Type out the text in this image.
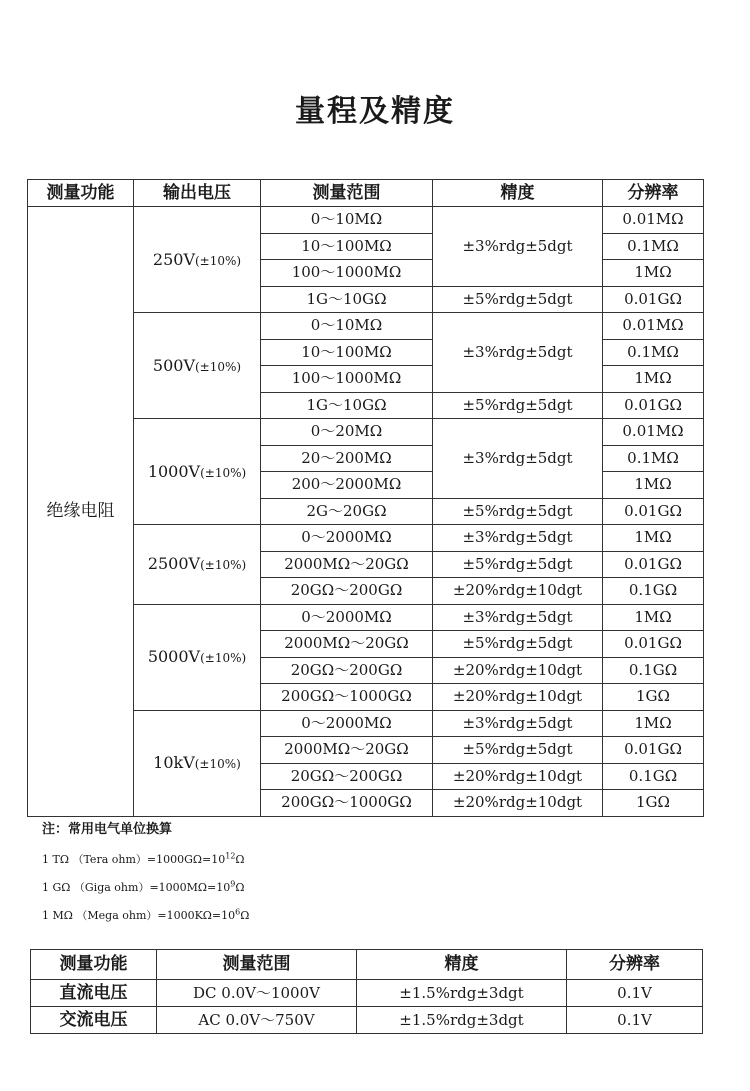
量程及精度
测量功能	输出电压	测量范围	精度	分辨率
绝缘电阻	250V(±10%)	0～10MΩ	±3%rdg±5dgt	0.01MΩ
		10～100MΩ		0.1MΩ
		100～1000MΩ		1MΩ
		1G～10GΩ	±5%rdg±5dgt	0.01GΩ
	500V(±10%)	0～10MΩ	±3%rdg±5dgt	0.01MΩ
		10～100MΩ		0.1MΩ
		100～1000MΩ		1MΩ
		1G～10GΩ	±5%rdg±5dgt	0.01GΩ
	1000V(±10%)	0～20MΩ	±3%rdg±5dgt	0.01MΩ
		20～200MΩ		0.1MΩ
		200～2000MΩ		1MΩ
		2G～20GΩ	±5%rdg±5dgt	0.01GΩ
	2500V(±10%)	0～2000MΩ	±3%rdg±5dgt	1MΩ
		2000MΩ～20GΩ	±5%rdg±5dgt	0.01GΩ
		20GΩ～200GΩ	±20%rdg±10dgt	0.1GΩ
	5000V(±10%)	0～2000MΩ	±3%rdg±5dgt	1MΩ
		2000MΩ～20GΩ	±5%rdg±5dgt	0.01GΩ
		20GΩ～200GΩ	±20%rdg±10dgt	0.1GΩ
		200GΩ～1000GΩ	±20%rdg±10dgt	1GΩ
	10kV(±10%)	0～2000MΩ	±3%rdg±5dgt	1MΩ
		2000MΩ～20GΩ	±5%rdg±5dgt	0.01GΩ
		20GΩ～200GΩ	±20%rdg±10dgt	0.1GΩ
		200GΩ～1000GΩ	±20%rdg±10dgt	1GΩ

注：常用电气单位换算

1 TΩ （Tera $ohm)=1000G\Omega=10^{12}\Omega$

1 GΩ （Giga $ohm)=1000M\Omega=10^9\Omega$

1 MΩ （Mega $ohm)=1000K\Omega=10^6\Omega$

测量功能	测量范围	精度	分辨率
直流电压	DC 0.0V～1000V	±1.5%rdg±3dgt	0.1V
交流电压	AC 0.0V～750V	±1.5%rdg±3dgt	0.1V
